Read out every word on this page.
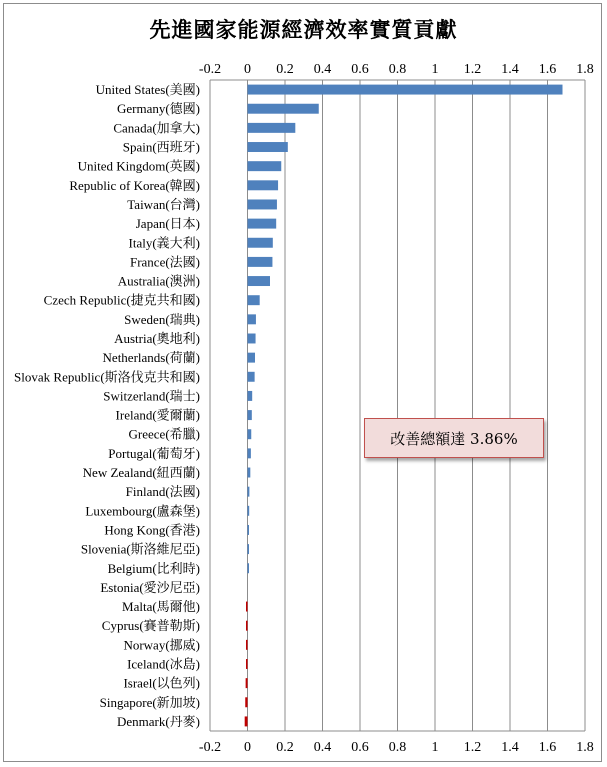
先進國家能源經濟效率實質貢獻
-0.2
-0.2
0
0
0.2
0.2
0.4
0.4
0.6
0.6
0.8
0.8
1
1
1.2
1.2
1.4
1.4
1.6
1.6
1.8
1.8
United States(美國)
Germany(德國)
Canada(加拿大)
Spain(西班牙)
United Kingdom(英國)
Republic of Korea(韓國)
Taiwan(台灣)
Japan(日本)
Italy(義大利)
France(法國)
Australia(澳洲)
Czech Republic(捷克共和國)
Sweden(瑞典)
Austria(奧地利)
Netherlands(荷蘭)
Slovak Republic(斯洛伐克共和國)
Switzerland(瑞士)
Ireland(愛爾蘭)
Greece(希臘)
Portugal(葡萄牙)
New Zealand(紐西蘭)
Finland(法國)
Luxembourg(盧森堡)
Hong Kong(香港)
Slovenia(斯洛維尼亞)
Belgium(比利時)
Estonia(愛沙尼亞)
Malta(馬爾他)
Cyprus(賽普勒斯)
Norway(挪威)
Iceland(冰島)
Israel(以色列)
Singapore(新加坡)
Denmark(丹麥)
改善總額達 3.86%
